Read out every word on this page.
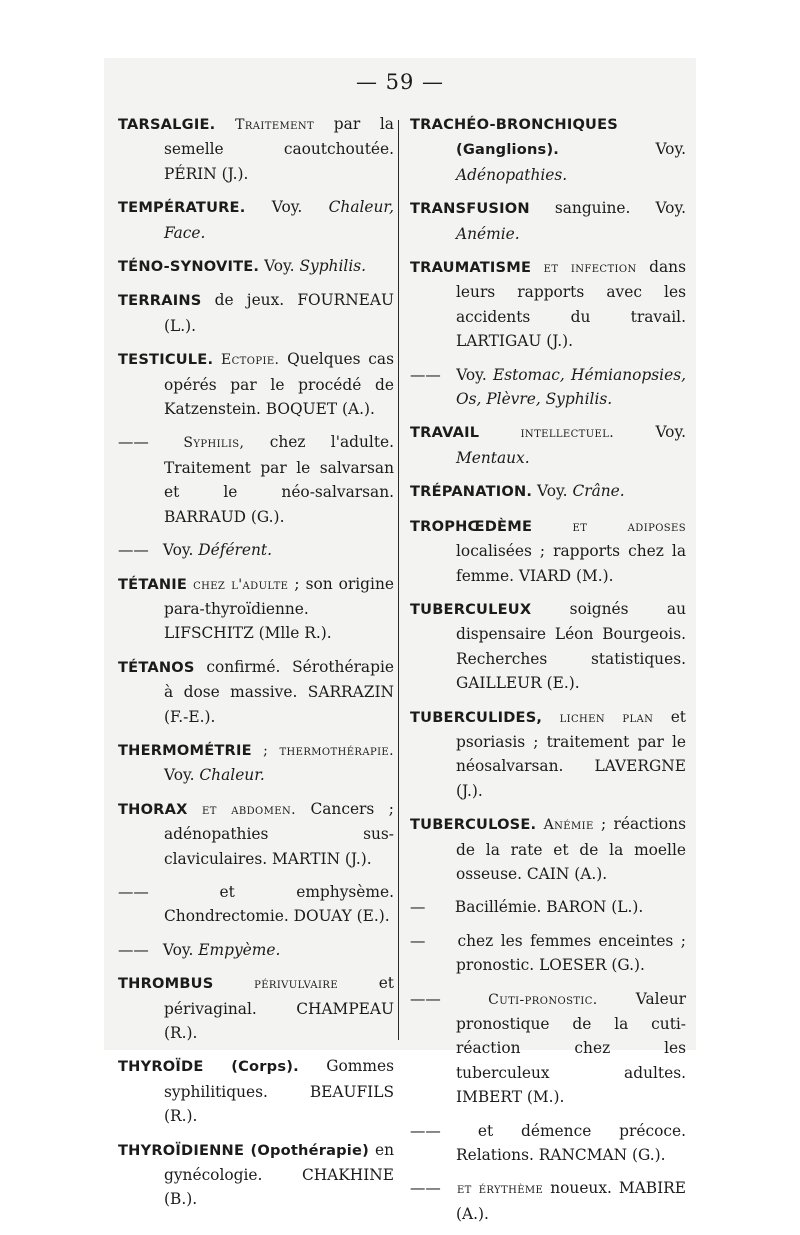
— 59 —
TARSALGIE. Traitement par la semelle caoutchoutée. PÉRIN (J.).
TEMPÉRATURE. Voy. Chaleur, Face.
TÉNO-SYNOVITE. Voy. Syphilis.
TERRAINS de jeux. FOURNEAU (L.).
TESTICULE. Ectopie. Quelques cas opérés par le procédé de Katzenstein. BOQUET (A.).
—— Syphilis, chez l'adulte. Traitement par le salvarsan et le néo-salvarsan. BARRAUD (G.).
—— Voy. Déférent.
TÉTANIE chez l'adulte ; son origine para-thyroïdienne. LIFSCHITZ (Mlle R.).
TÉTANOS confirmé. Sérothérapie à dose massive. SARRAZIN (F.-E.).
THERMOMÉTRIE ; thermothérapie. Voy. Chaleur.
THORAX et abdomen. Cancers ; adénopathies sus-claviculaires. MARTIN (J.).
—— et emphysème. Chondrectomie. DOUAY (E.).
—— Voy. Empyème.
THROMBUS	périvulvaire et périvaginal. CHAMPEAU (R.).
THYROÏDE (Corps). Gommes syphilitiques. BEAUFILS (R.).
THYROÏDIENNE (Opothérapie) en gynécologie. CHAKHINE (B.).
TRACHÉO-BRONCHIQUES (Ganglions). Voy. Adénopathies.
TRANSFUSION sanguine. Voy. Anémie.
TRAUMATISME et infection dans leurs rapports avec les accidents du travail. LARTIGAU (J.).
—— Voy. Estomac, Hémianopsies, Os, Plèvre, Syphilis.
TRAVAIL	intellectuel. Voy. Mentaux.
TRÉPANATION. Voy. Crâne.
TROPHŒDÈME	et adiposes localisées ; rapports chez la femme. VIARD (M.).
TUBERCULEUX soignés au dispensaire Léon Bourgeois. Recherches statistiques. GAILLEUR (E.).
TUBERCULIDES, lichen plan et psoriasis ; traitement par le néosalvarsan. LAVERGNE (J.).
TUBERCULOSE. Anémie ; réactions de la rate et de la moelle osseuse. CAIN (A.).
— Bacillémie. BARON (L.).
— chez les femmes enceintes ; pronostic. LOESER (G.).
——	Cuti-pronostic. Valeur pronostique de la cuti-réaction chez les tuberculeux adultes. IMBERT (M.).
—— et démence précoce. Relations. RANCMAN (G.).
—— et érythème noueux. MABIRE (A.).
